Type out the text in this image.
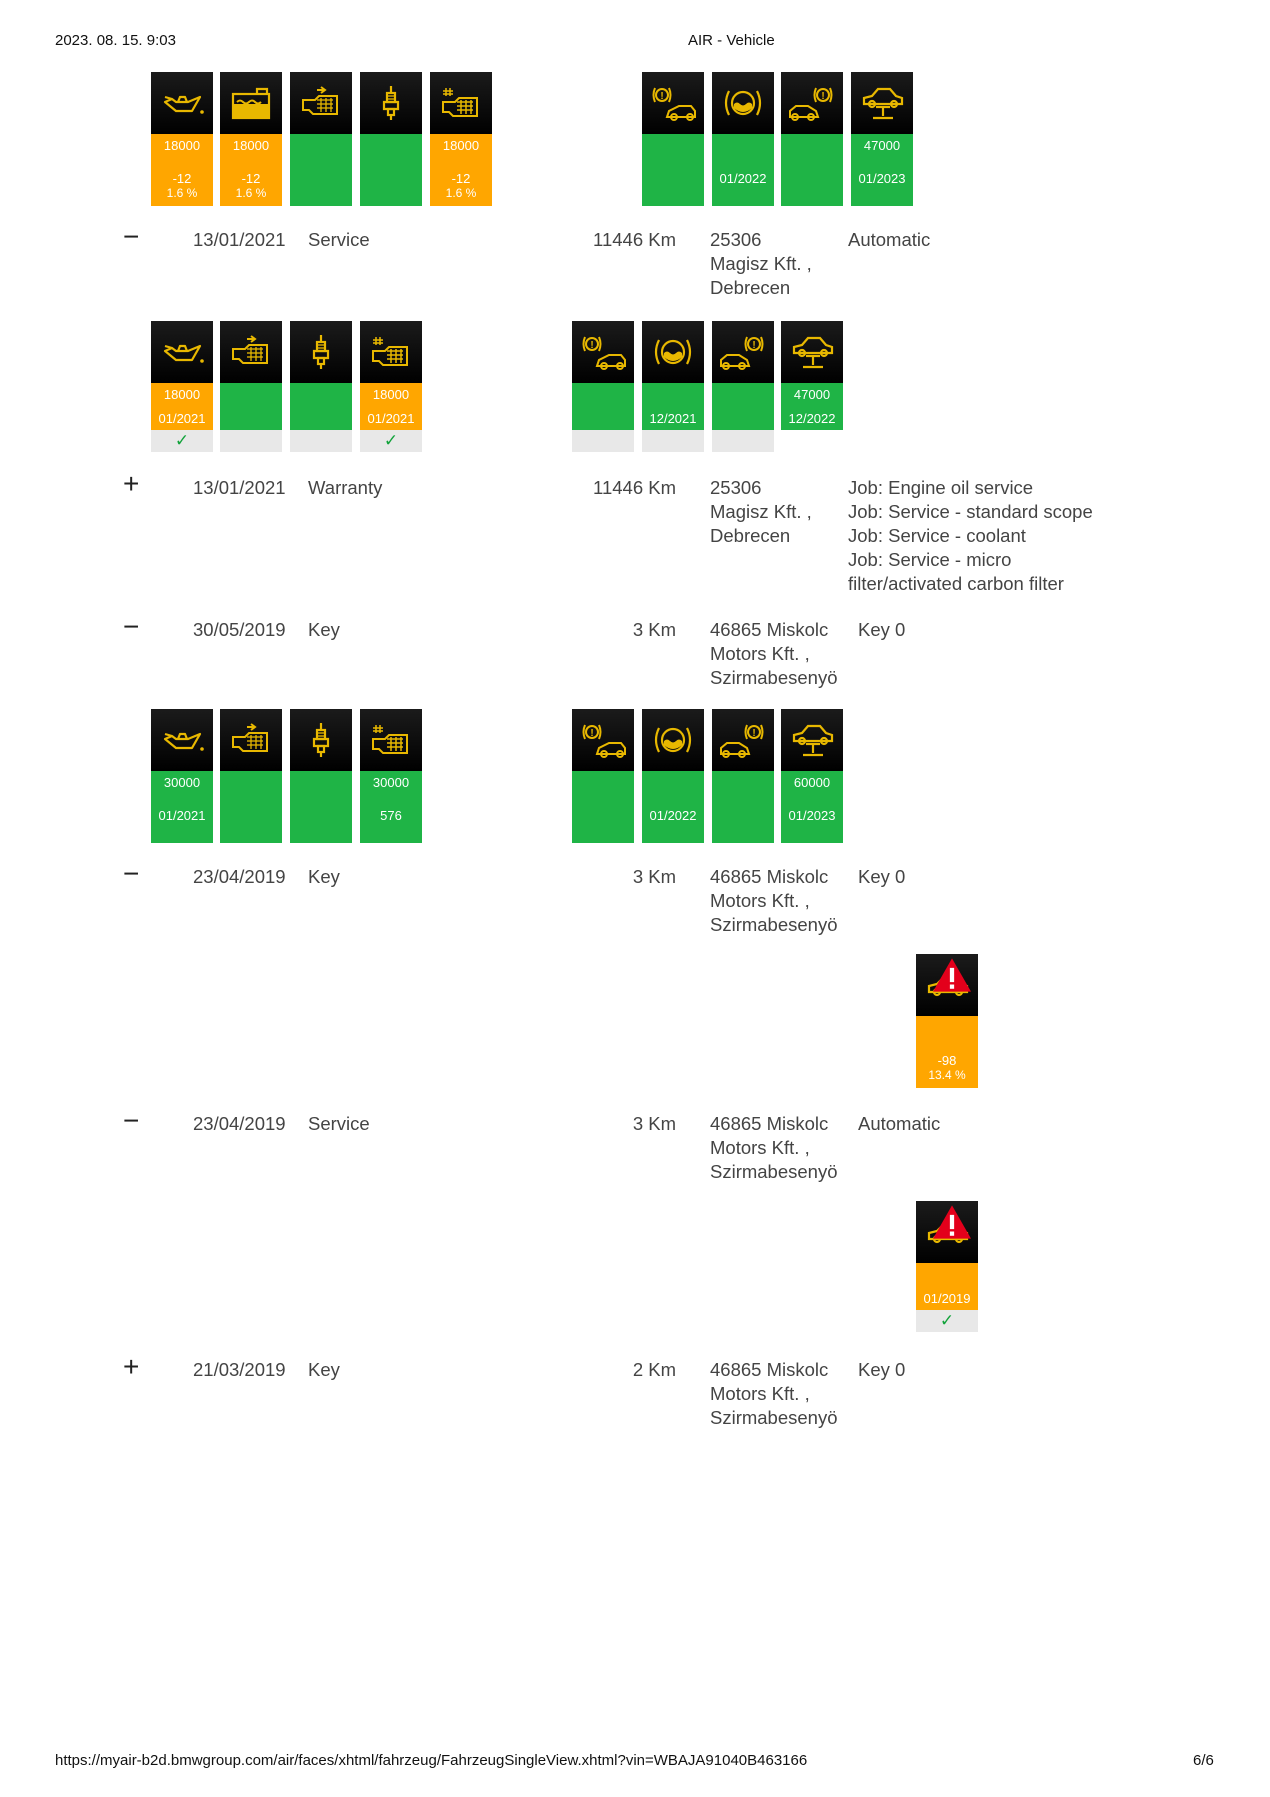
2023. 08. 15. 9:03	AIR - Vehicle
https://myair-b2d.bmwgroup.com/air/faces/xhtml/fahrzeug/FahrzeugSingleView.xhtml?vin=WBAJA91040B463166	6/6
18000
-12
1.6 %
18000
-12
1.6 %
18000
-12
1.6 %
!
01/2022
!
47000
01/2023
−	13/01/2021 Service	11446 Km 25306
Magisz Kft. ,
Debrecen
Automatic
18000
01/2021
✓
18000
01/2021
✓
!
12/2021
!
47000
12/2022
+	13/01/2021 Warranty	11446 Km 25306
Magisz Kft. ,
Debrecen
Job: Engine oil service
Job: Service - standard scope
Job: Service - coolant
Job: Service - micro
filter/activated carbon filter
−	30/05/2019 Key	3 Km 46865 Miskolc
Motors Kft. ,
Szirmabesenyö
Key 0
30000
01/2021
30000
576
!
01/2022
!
60000
01/2023
−	23/04/2019 Key	3 Km 46865 Miskolc
Motors Kft. ,
Szirmabesenyö
Key 0
-98
13.4 %
−	23/04/2019 Service	3 Km 46865 Miskolc
Motors Kft. ,
Szirmabesenyö
Automatic
01/2019
✓
+	21/03/2019 Key	2 Km 46865 Miskolc
Motors Kft. ,
Szirmabesenyö
Key 0
